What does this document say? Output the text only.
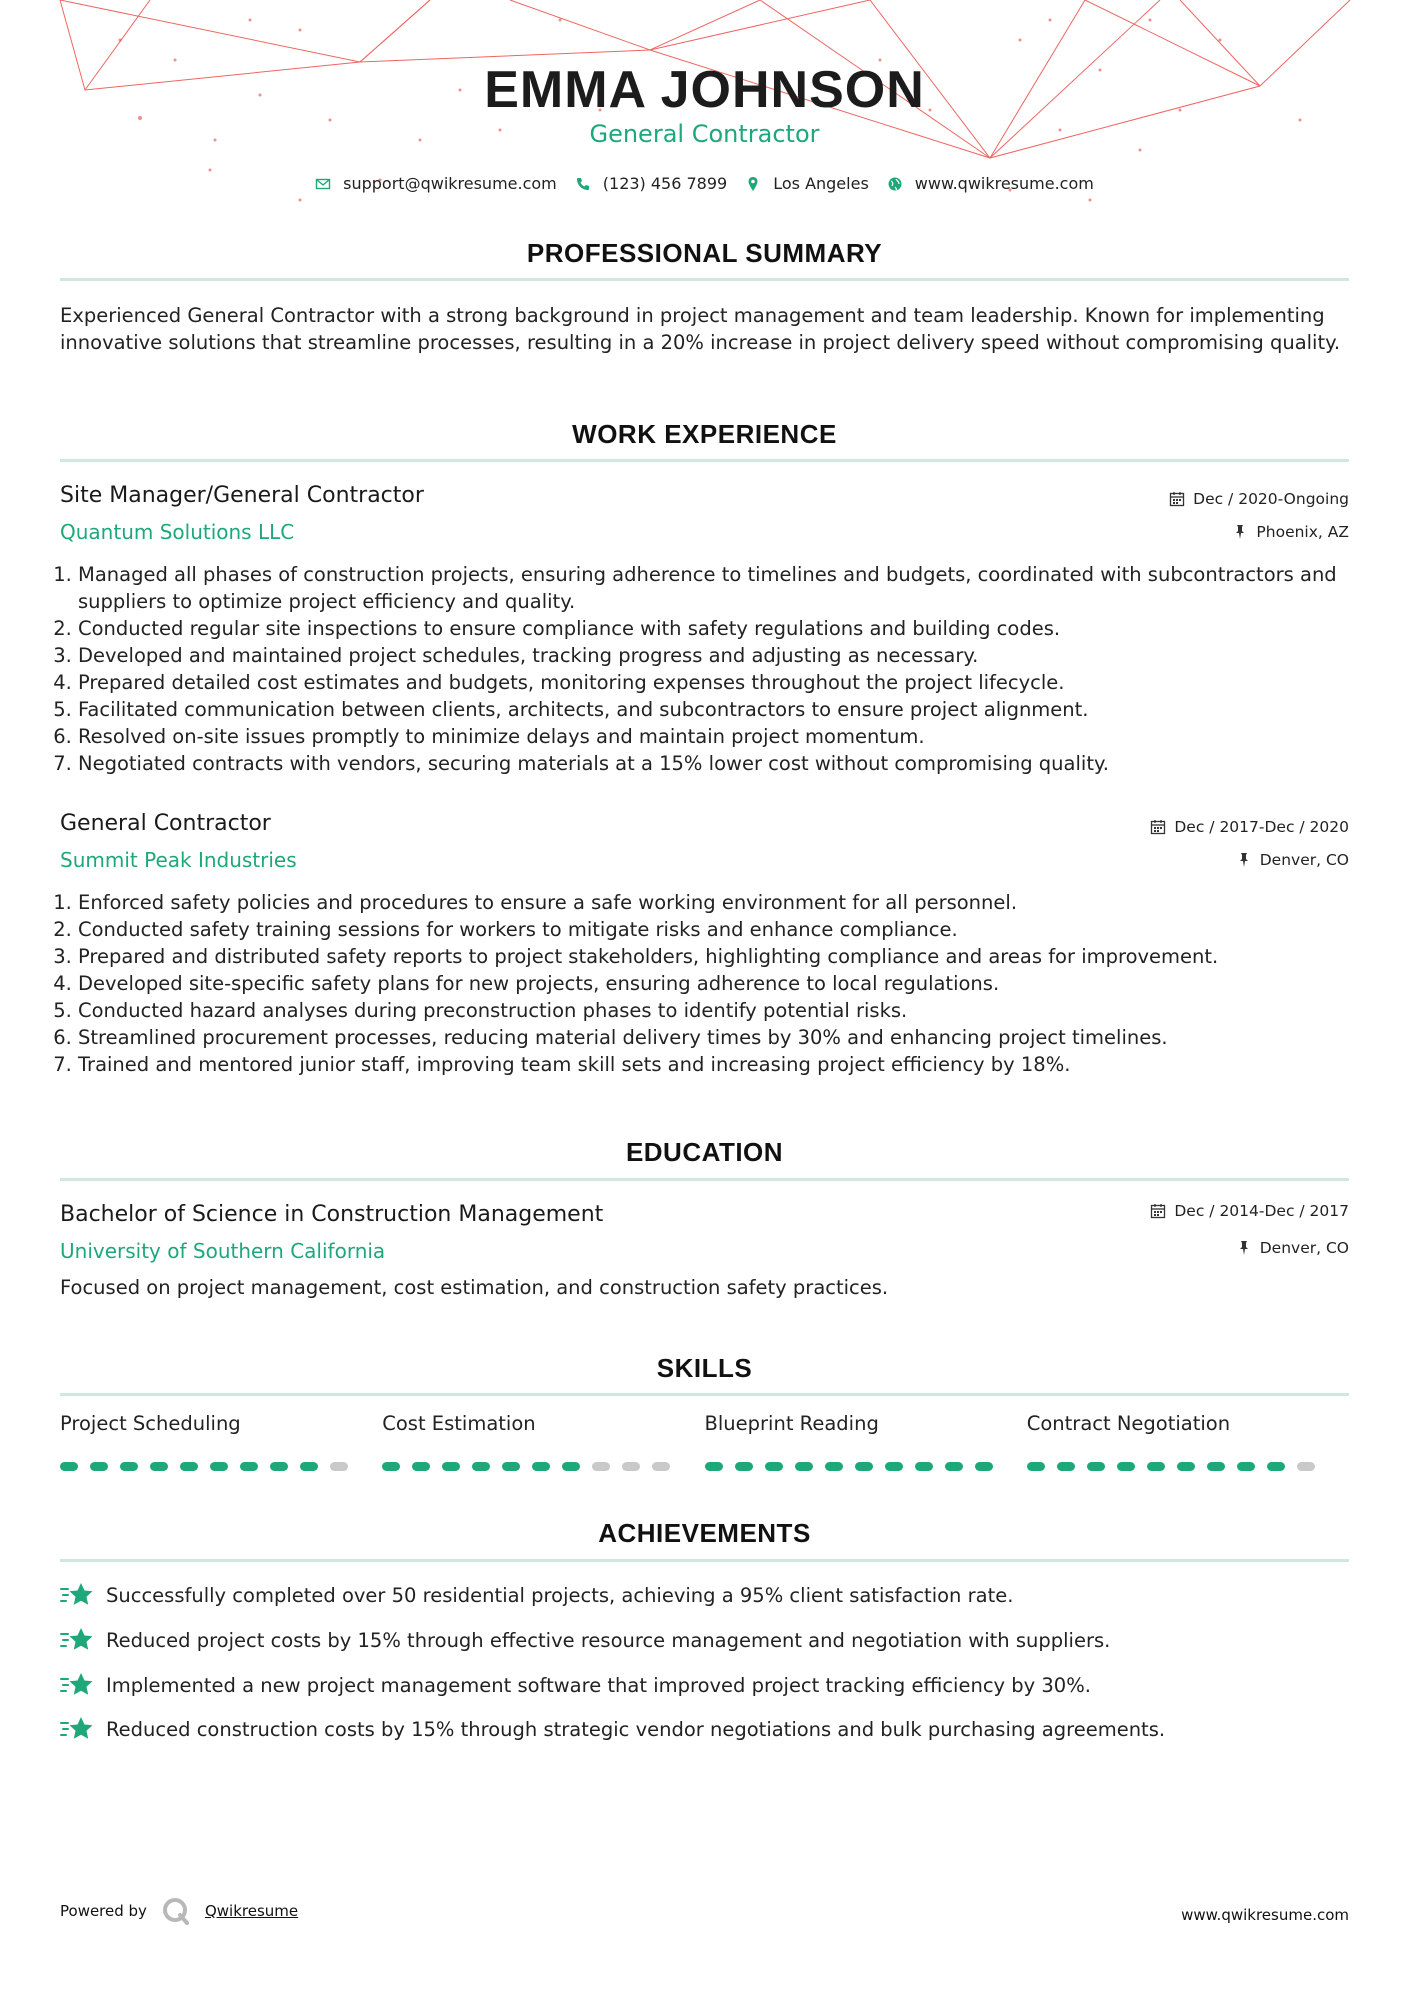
EMMA JOHNSON
General Contractor
support@qwikresume.com	(123) 456 7899	Los Angeles	www.qwikresume.com
PROFESSIONAL SUMMARY
Experienced General Contractor with a strong background in project management and team leadership. Known for implementing innovative solutions that streamline processes, resulting in a 20% increase in project delivery speed without compromising quality.
WORK EXPERIENCE
Site Manager/General Contractor	Dec / 2020-Ongoing
Quantum Solutions LLC	Phoenix, AZ
1. Managed all phases of construction projects, ensuring adherence to timelines and budgets, coordinated with subcontractors and suppliers to optimize project efficiency and quality.
2. Conducted regular site inspections to ensure compliance with safety regulations and building codes.
3. Developed and maintained project schedules, tracking progress and adjusting as necessary.
4. Prepared detailed cost estimates and budgets, monitoring expenses throughout the project lifecycle.
5. Facilitated communication between clients, architects, and subcontractors to ensure project alignment.
6. Resolved on-site issues promptly to minimize delays and maintain project momentum.
7. Negotiated contracts with vendors, securing materials at a 15% lower cost without compromising quality.
General Contractor	Dec / 2017-Dec / 2020
Summit Peak Industries	Denver, CO
1. Enforced safety policies and procedures to ensure a safe working environment for all personnel.
2. Conducted safety training sessions for workers to mitigate risks and enhance compliance.
3. Prepared and distributed safety reports to project stakeholders, highlighting compliance and areas for improvement.
4. Developed site-specific safety plans for new projects, ensuring adherence to local regulations.
5. Conducted hazard analyses during preconstruction phases to identify potential risks.
6. Streamlined procurement processes, reducing material delivery times by 30% and enhancing project timelines.
7. Trained and mentored junior staff, improving team skill sets and increasing project efficiency by 18%.
EDUCATION
Bachelor of Science in Construction Management	Dec / 2014-Dec / 2017
University of Southern California	Denver, CO
Focused on project management, cost estimation, and construction safety practices.
SKILLS
Project Scheduling	Cost Estimation	Blueprint Reading	Contract Negotiation
ACHIEVEMENTS
Successfully completed over 50 residential projects, achieving a 95% client satisfaction rate.
Reduced project costs by 15% through effective resource management and negotiation with suppliers.
Implemented a new project management software that improved project tracking efficiency by 30%.
Reduced construction costs by 15% through strategic vendor negotiations and bulk purchasing agreements.
Powered by	Qwikresume	www.qwikresume.com
